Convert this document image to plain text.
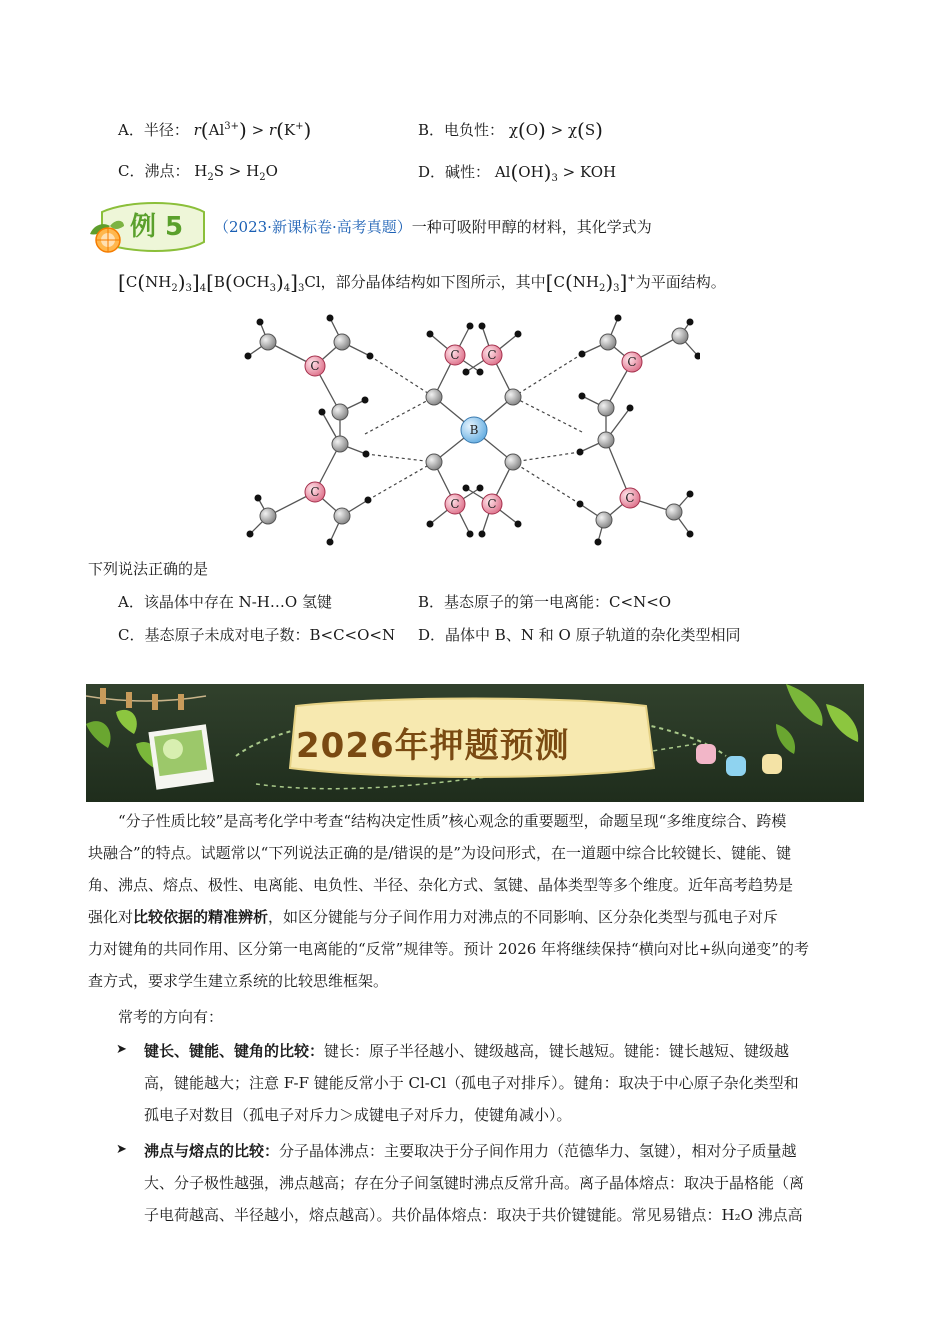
A．半径： $r(Al^{3+}) > r(K^+)$	B．电负性： χ(O) > χ(S)
C．沸点： $H_2S > H_2O$	D．碱性： $Al(OH)_3$ > KOH
例 5 （2023·新课标卷·高考真题）一种可吸附甲醇的材料，其化学式为
$[C(NH_2)_3]_4[B(OCH_3)_4]_3Cl$，部分晶体结构如下图所示，其中$[C(NH_2)_3]^+$为平面结构。
B
C
C
C C
C C
C
C
下列说法正确的是
A．该晶体中存在 N-H…O 氢键	B．基态原子的第一电离能：C<N<O
C．基态原子未成对电子数：B<C<O<N D．晶体中 B、N 和 O 原子轨道的杂化类型相同
2026年押题预测
“分子性质比较”是高考化学中考查“结构决定性质”核心观念的重要题型，命题呈现“多维度综合、跨模
块融合”的特点。试题常以“下列说法正确的是/错误的是”为设问形式，在一道题中综合比较键长、键能、键
角、沸点、熔点、极性、电离能、电负性、半径、杂化方式、氢键、晶体类型等多个维度。近年高考趋势是
强化对比较依据的精准辨析，如区分键能与分子间作用力对沸点的不同影响、区分杂化类型与孤电子对斥
力对键角的共同作用、区分第一电离能的“反常”规律等。预计 2026 年将继续保持“横向对比+纵向递变”的考
查方式，要求学生建立系统的比较思维框架。
常考的方向有：
➤ 键长、键能、键角的比较：键长：原子半径越小、键级越高，键长越短。键能：键长越短、键级越
高，键能越大；注意 F-F 键能反常小于 Cl-Cl（孤电子对排斥）。键角：取决于中心原子杂化类型和
孤电子对数目（孤电子对斥力＞成键电子对斥力，使键角减小）。
➤ 沸点与熔点的比较：分子晶体沸点：主要取决于分子间作用力（范德华力、氢键），相对分子质量越
大、分子极性越强，沸点越高；存在分子间氢键时沸点反常升高。离子晶体熔点：取决于晶格能（离
子电荷越高、半径越小，熔点越高）。共价晶体熔点：取决于共价键键能。常见易错点：H₂O 沸点高
